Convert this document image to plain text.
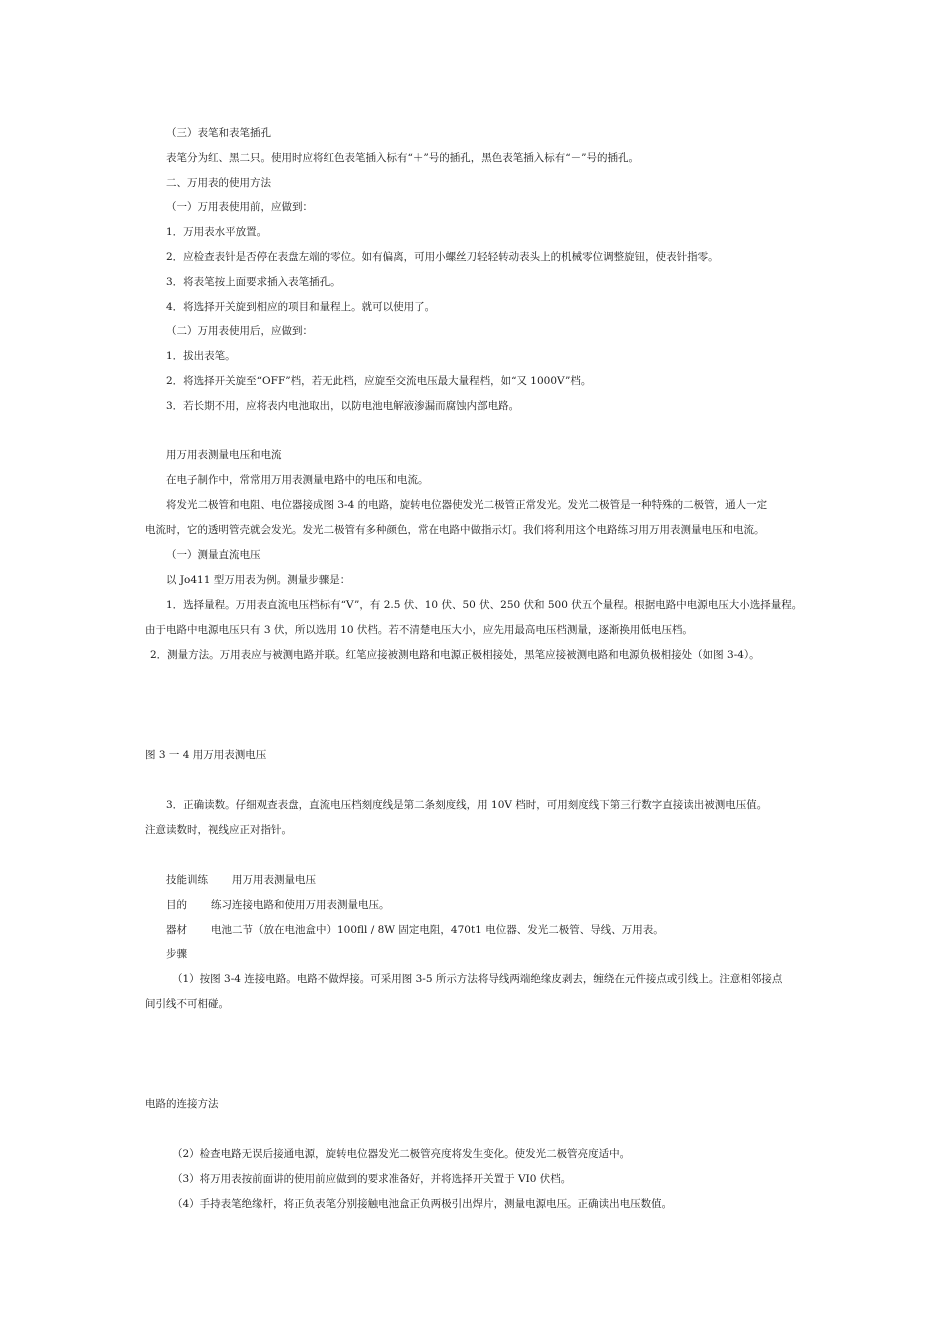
（三）表笔和表笔插孔
表笔分为红、黑二只。使用时应将红色表笔插入标有“＋”号的插孔，黑色表笔插入标有“－”号的插孔。
二、万用表的使用方法
（一）万用表使用前，应做到：
1．万用表水平放置。
2．应检查表针是否停在表盘左端的零位。如有偏离，可用小螺丝刀轻轻转动表头上的机械零位调整旋钮，使表针指零。
3．将表笔按上面要求插入表笔插孔。
4．将选择开关旋到相应的项目和量程上。就可以使用了。
（二）万用表使用后，应做到：
1．拔出表笔。
2．将选择开关旋至“OFF”档，若无此档，应旋至交流电压最大量程档，如“又 1000V”档。
3．若长期不用，应将表内电池取出，以防电池电解液渗漏而腐蚀内部电路。
用万用表测量电压和电流
在电子制作中，常常用万用表测量电路中的电压和电流。
将发光二极管和电阻、电位器接成图 3-4 的电路，旋转电位器使发光二极管正常发光。发光二极管是一种特殊的二极管，通人一定
电流时，它的透明管壳就会发光。发光二极管有多种颜色，常在电路中做指示灯。我们将利用这个电路练习用万用表测量电压和电流。
（一）测量直流电压
以 Jo411 型万用表为例。测量步骤是：
1．选择量程。万用表直流电压档标有“V”，有 2.5 伏、10 伏、50 伏、250 伏和 500 伏五个量程。根据电路中电源电压大小选择量程。
由于电路中电源电压只有 3 伏，所以选用 10 伏档。若不清楚电压大小，应先用最高电压档测量，逐渐换用低电压档。
2．测量方法。万用表应与被测电路并联。红笔应接被测电路和电源正极相接处，黑笔应接被测电路和电源负极相接处（如图 3-4）。
图 3 一 4 用万用表测电压
3．正确读数。仔细观查表盘，直流电压档刻度线是第二条刻度线，用 10V 档时，可用刻度线下第三行数字直接读出被测电压值。
注意读数时，视线应正对指针。
技能训练 用万用表测量电压
目的 练习连接电路和使用万用表测量电压。
器材 电池二节（放在电池盒中）100fll / 8W 固定电阻，470t1 电位器、发光二极管、导线、万用表。
步骤
（1）按图 3-4 连接电路。电路不做焊接。可采用图 3-5 所示方法将导线两端绝缘皮剥去，缠绕在元件接点或引线上。注意相邻接点
间引线不可相碰。
电路的连接方法
（2）检查电路无误后接通电源，旋转电位器发光二极管亮度将发生变化。使发光二极管亮度适中。
（3）将万用表按前面讲的使用前应做到的要求准备好，并将选择开关置于 VI0 伏档。
（4）手持表笔绝缘杆，将正负表笔分别接触电池盒正负两极引出焊片，测量电源电压。正确读出电压数值。
